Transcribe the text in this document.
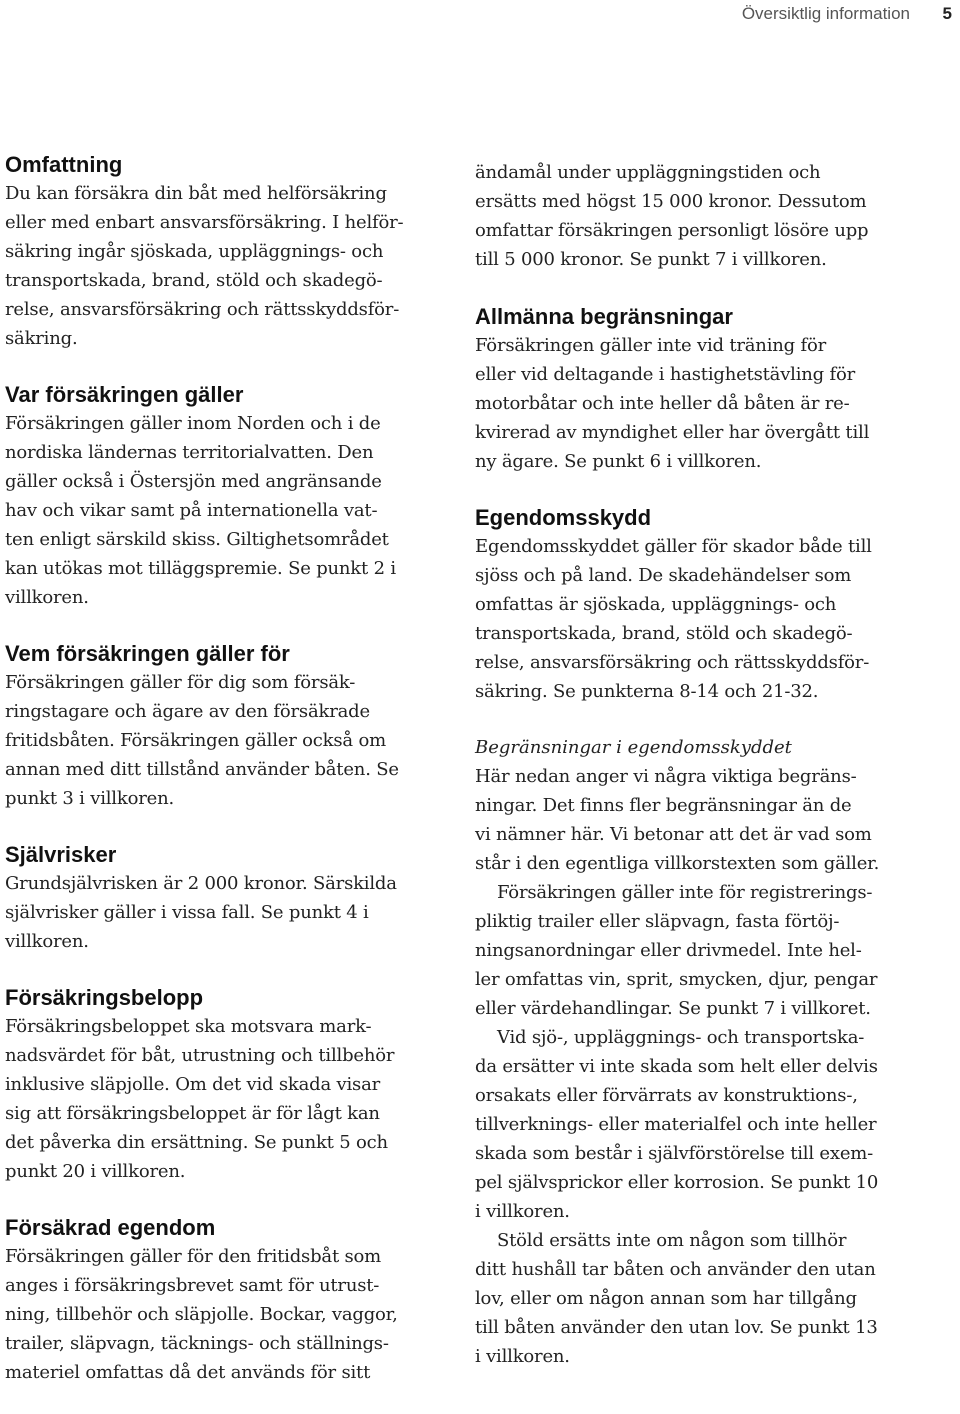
Översiktlig information 5
Omfattning

Du kan försäkra din båt med helförsäkring
eller med enbart ansvarsförsäkring. I helför-
säkring ingår sjöskada, uppläggnings- och
transportskada, brand, stöld och skadegö-
relse, ansvarsförsäkring och rättsskyddsför-
säkring.

Var försäkringen gäller

Försäkringen gäller inom Norden och i de
nordiska ländernas territorialvatten. Den
gäller också i Östersjön med angränsande
hav och vikar samt på internationella vat-
ten enligt särskild skiss. Giltighetsområdet
kan utökas mot tilläggspremie. Se punkt 2 i
villkoren.

Vem försäkringen gäller för

Försäkringen gäller för dig som försäk-
ringstagare och ägare av den försäkrade
fritidsbåten. Försäkringen gäller också om
annan med ditt tillstånd använder båten. Se
punkt 3 i villkoren.

Självrisker

Grundsjälvrisken är 2 000 kronor. Särskilda
självrisker gäller i vissa fall. Se punkt 4 i
villkoren.

Försäkringsbelopp

Försäkringsbeloppet ska motsvara mark-
nadsvärdet för båt, utrustning och tillbehör
inklusive släpjolle. Om det vid skada visar
sig att försäkringsbeloppet är för lågt kan
det påverka din ersättning. Se punkt 5 och
punkt 20 i villkoren.

Försäkrad egendom

Försäkringen gäller för den fritidsbåt som
anges i försäkringsbrevet samt för utrust-
ning, tillbehör och släpjolle. Bockar, vaggor,
trailer, släpvagn, täcknings- och ställnings-
materiel omfattas då det används för sitt

ändamål under uppläggningstiden och
ersätts med högst 15 000 kronor. Dessutom
omfattar försäkringen personligt lösöre upp
till 5 000 kronor. Se punkt 7 i villkoren.

Allmänna begränsningar

Försäkringen gäller inte vid träning för
eller vid deltagande i hastighetstävling för
motorbåtar och inte heller då båten är re-
kvirerad av myndighet eller har övergått till
ny ägare. Se punkt 6 i villkoren.

Egendomsskydd

Egendomsskyddet gäller för skador både till
sjöss och på land. De skadehändelser som
omfattas är sjöskada, uppläggnings- och
transportskada, brand, stöld och skadegö-
relse, ansvarsförsäkring och rättsskyddsför-
säkring. Se punkterna 8-14 och 21-32.

Begränsningar i egendomsskyddet

Här nedan anger vi några viktiga begräns-
ningar. Det finns fler begränsningar än de
vi nämner här. Vi betonar att det är vad som
står i den egentliga villkorstexten som gäller.

Försäkringen gäller inte för registrerings-
pliktig trailer eller släpvagn, fasta förtöj-
ningsanordningar eller drivmedel. Inte hel-
ler omfattas vin, sprit, smycken, djur, pengar
eller värdehandlingar. Se punkt 7 i villkoret.

Vid sjö-, uppläggnings- och transportska-
da ersätter vi inte skada som helt eller delvis
orsakats eller förvärrats av konstruktions-,
tillverknings- eller materialfel och inte heller
skada som består i självförstörelse till exem-
pel självsprickor eller korrosion. Se punkt 10
i villkoren.

Stöld ersätts inte om någon som tillhör
ditt hushåll tar båten och använder den utan
lov, eller om någon annan som har tillgång
till båten använder den utan lov. Se punkt 13
i villkoren.
